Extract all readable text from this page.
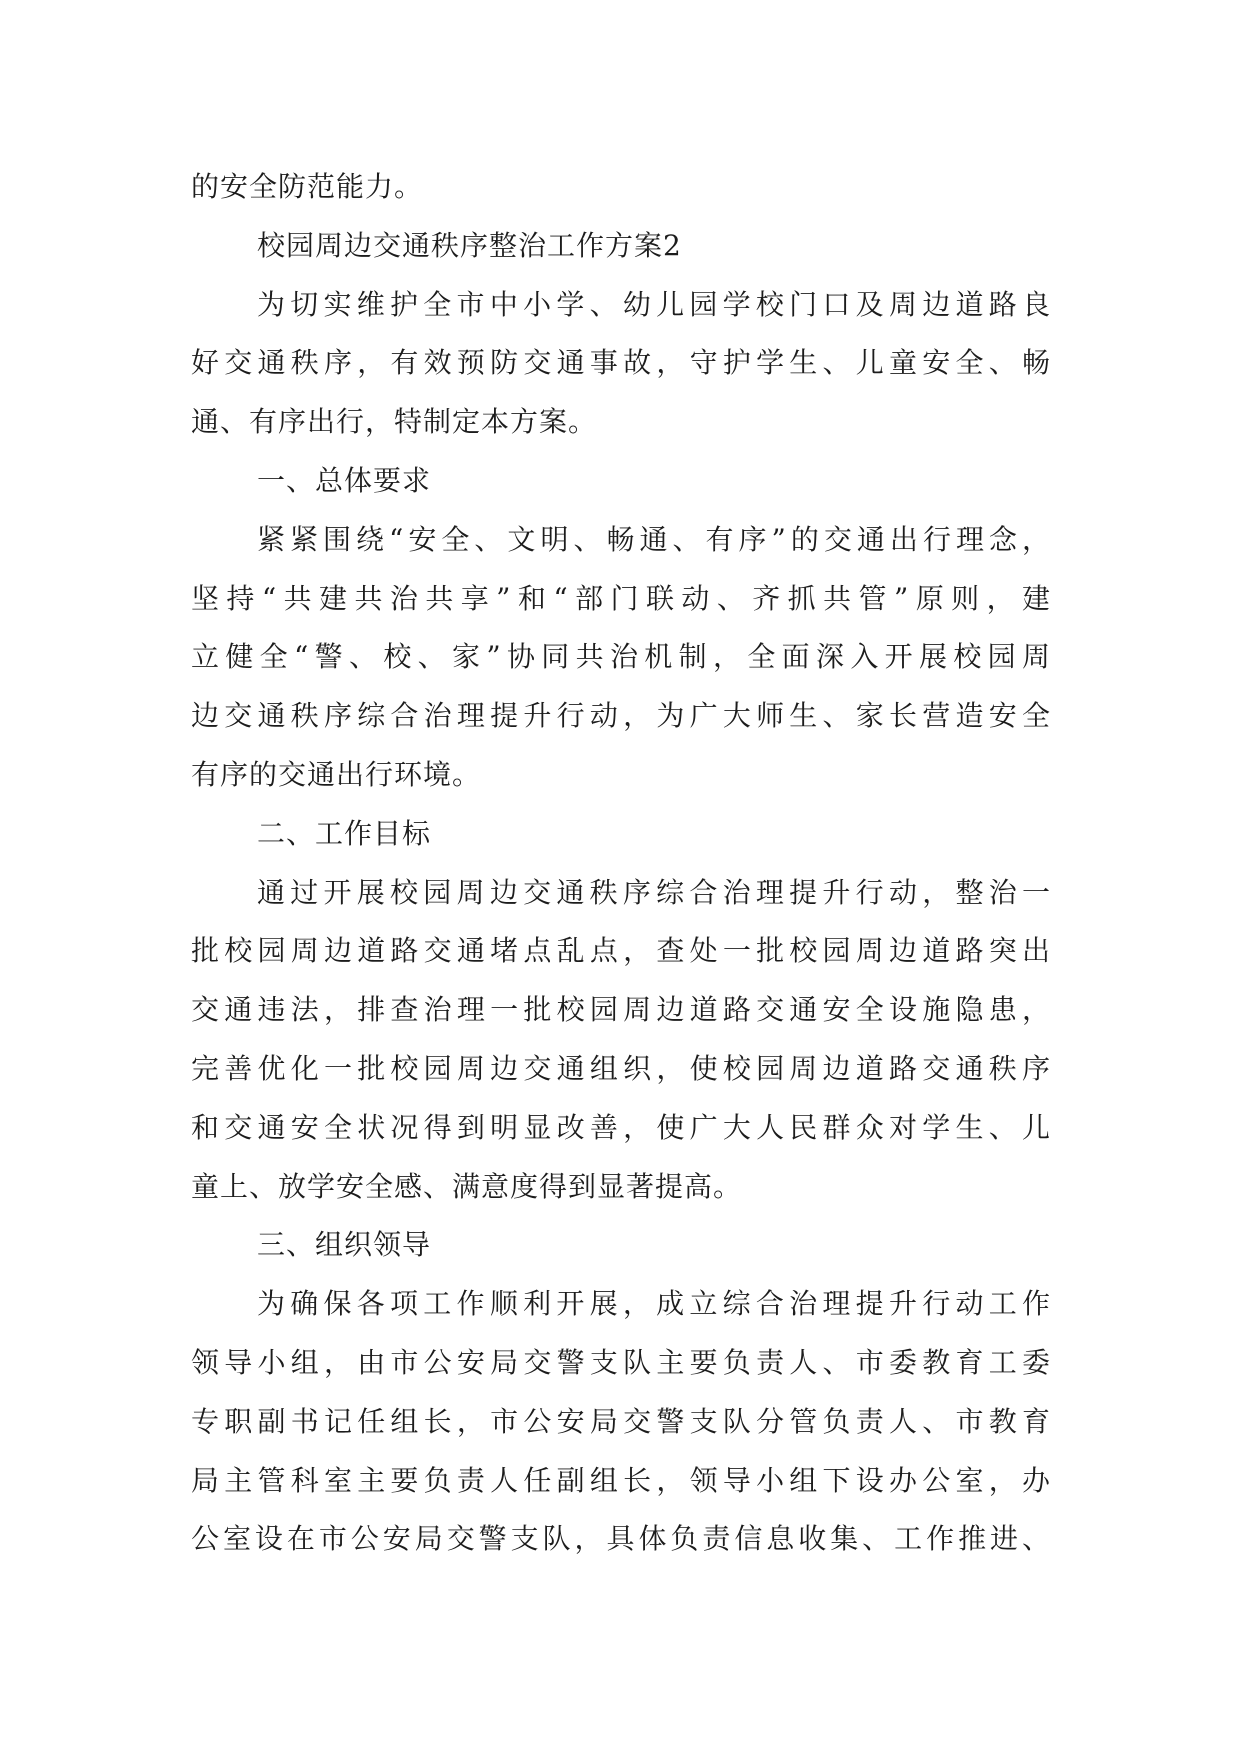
的安全防范能力。
校园周边交通秩序整治工作方案2
为切实维护全市中小学、幼儿园学校门口及周边道路良
好交通秩序，有效预防交通事故，守护学生、儿童安全、畅
通、有序出行，特制定本方案。
一、总体要求
紧紧围绕“安全、文明、畅通、有序”的交通出行理念，
坚持“共建共治共享”和“部门联动、齐抓共管”原则，建
立健全“警、校、家”协同共治机制，全面深入开展校园周
边交通秩序综合治理提升行动，为广大师生、家长营造安全
有序的交通出行环境。
二、工作目标
通过开展校园周边交通秩序综合治理提升行动，整治一
批校园周边道路交通堵点乱点，查处一批校园周边道路突出
交通违法，排查治理一批校园周边道路交通安全设施隐患，
完善优化一批校园周边交通组织，使校园周边道路交通秩序
和交通安全状况得到明显改善，使广大人民群众对学生、儿
童上、放学安全感、满意度得到显著提高。
三、组织领导
为确保各项工作顺利开展，成立综合治理提升行动工作
领导小组，由市公安局交警支队主要负责人、市委教育工委
专职副书记任组长，市公安局交警支队分管负责人、市教育
局主管科室主要负责人任副组长，领导小组下设办公室，办
公室设在市公安局交警支队，具体负责信息收集、工作推进、
